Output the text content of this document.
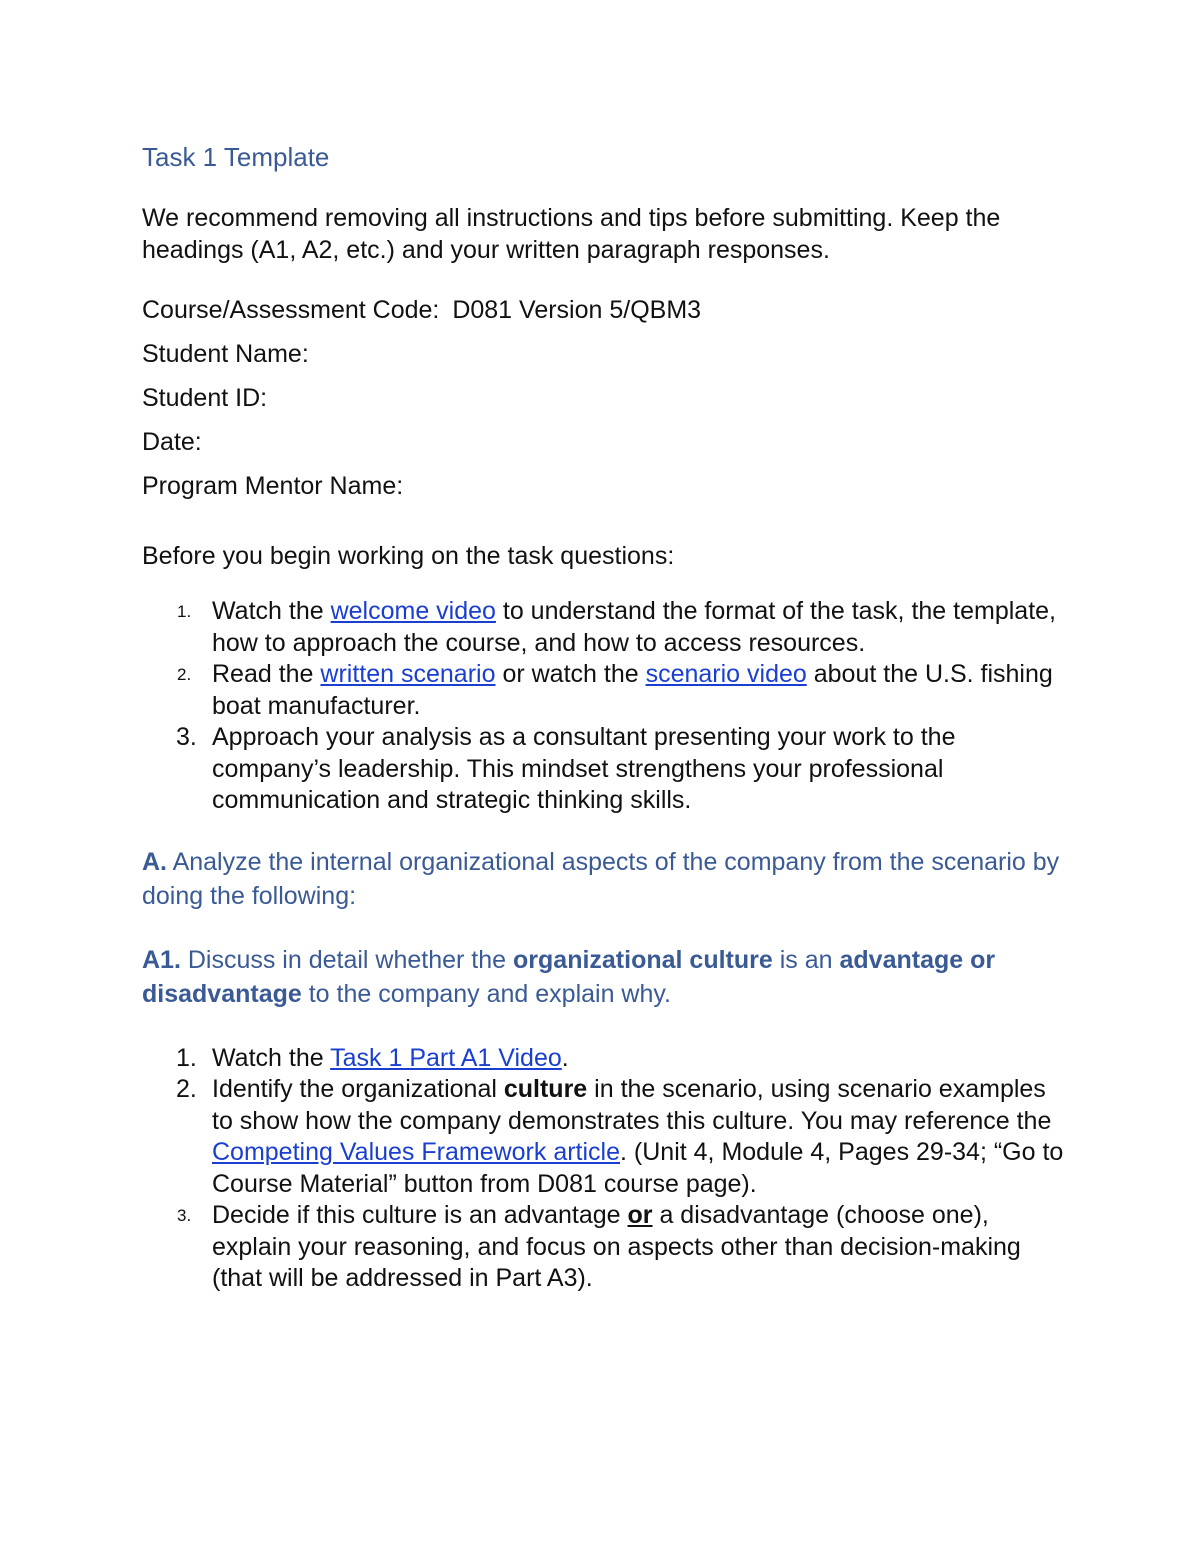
Task 1 Template
We recommend removing all instructions and tips before submitting. Keep the headings (A1, A2, etc.) and your written paragraph responses.
Course/Assessment Code: D081 Version 5/QBM3
Student Name:
Student ID:
Date:
Program Mentor Name:
Before you begin working on the task questions:
1. Watch the welcome video to understand the format of the task, the template, how to approach the course, and how to access resources.
2. Read the written scenario or watch the scenario video about the U.S. fishing boat manufacturer.
3. Approach your analysis as a consultant presenting your work to the company’s leadership. This mindset strengthens your professional communication and strategic thinking skills.
A. Analyze the internal organizational aspects of the company from the scenario by doing the following:
A1. Discuss in detail whether the organizational culture is an advantage or disadvantage to the company and explain why.
1. Watch the Task 1 Part A1 Video.
2. Identify the organizational culture in the scenario, using scenario examples to show how the company demonstrates this culture. You may reference the Competing Values Framework article. (Unit 4, Module 4, Pages 29-34; “Go to Course Material” button from D081 course page).
3. Decide if this culture is an advantage or a disadvantage (choose one), explain your reasoning, and focus on aspects other than decision-making (that will be addressed in Part A3).
